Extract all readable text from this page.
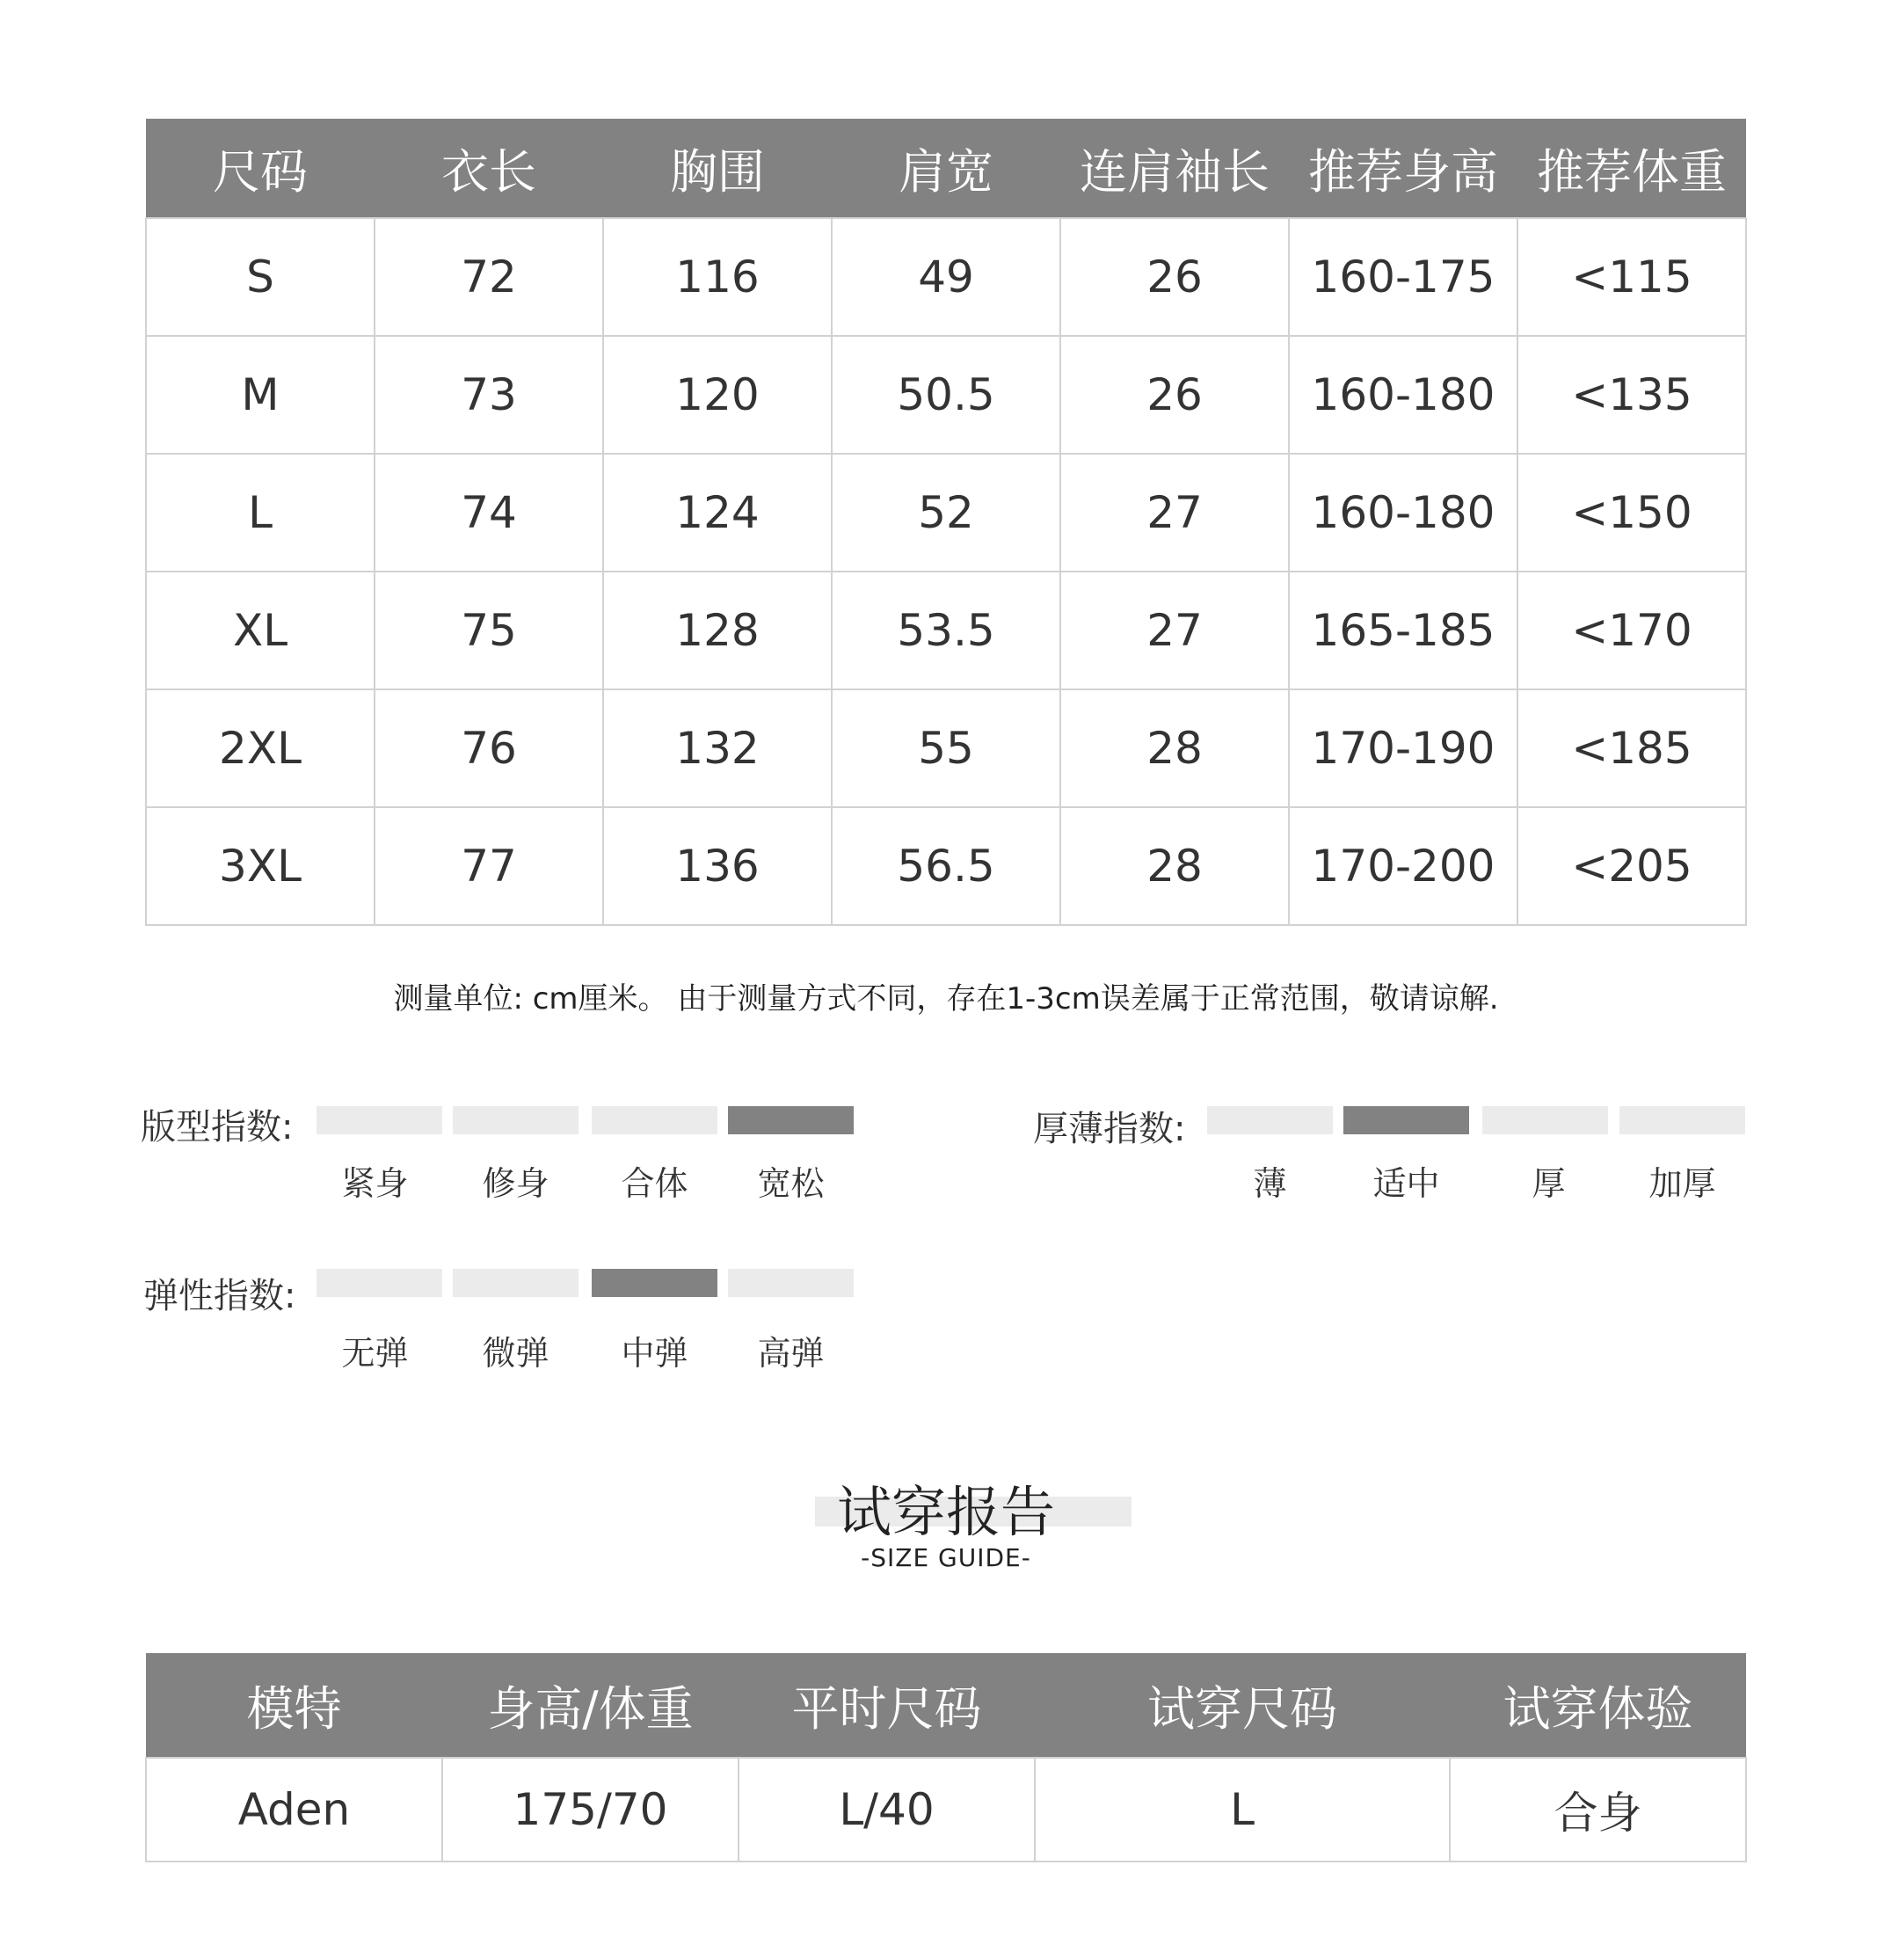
尺码	衣长	胸围	肩宽	连肩袖长	推荐身高	推荐体重
S	72	116	49	26	160-175	<115
M	73	120	50.5	26	160-180	<135
L	74	124	52	27	160-180	<150
XL	75	128	53.5	27	165-185	<170
2XL	76	132	55	28	170-190	<185
3XL	77	136	56.5	28	170-200	<205
测量单位: cm厘米。 由于测量方式不同，存在1-3cm误差属于正常范围，敬请谅解.
版型指数:
紧身	修身	合体	宽松
厚薄指数:
薄	适中	厚	加厚
弹性指数:
无弹	微弹	中弹	高弹
试穿报告
-SIZE GUIDE-
模特	身高/体重	平时尺码	试穿尺码	试穿体验
Aden	175/70	L/40	L	合身
